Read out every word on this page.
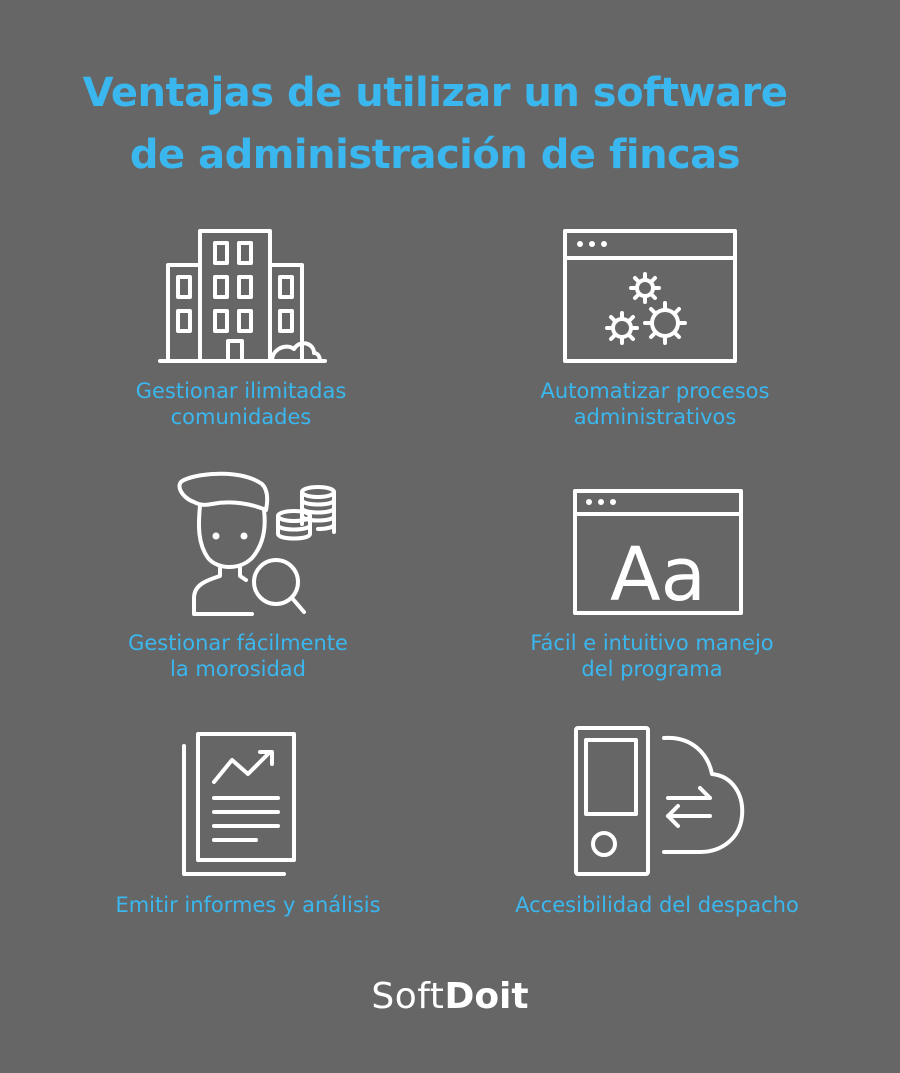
Ventajas de utilizar un software
de administración de fincas
Gestionar ilimitadas
comunidades
Automatizar procesos
administrativos
Gestionar fácilmente
la morosidad
Aa
Fácil e intuitivo manejo
del programa
Emitir informes y análisis	Accesibilidad del despacho
SoftDoit
